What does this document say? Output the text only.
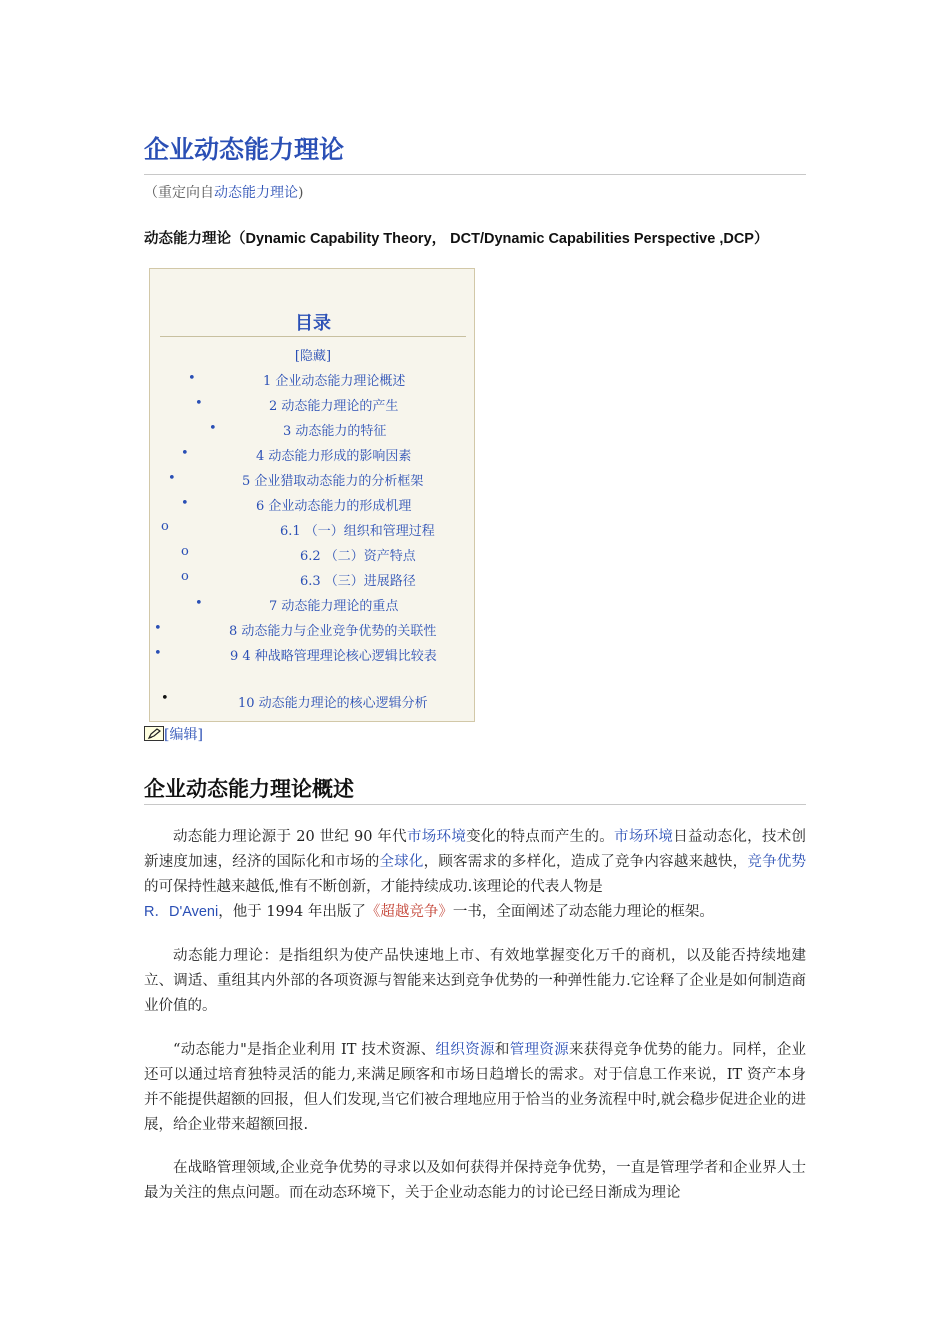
企业动态能力理论
（重定向自动态能力理论)
动态能力理论（Dynamic Capability Theory， DCT/Dynamic Capabilities Perspective ,DCP）
目录
[隐藏]
•	1 企业动态能力理论概述
•	2 动态能力理论的产生
•	3 动态能力的特征
•	4 动态能力形成的影响因素
•	5 企业猎取动态能力的分析框架
•	6 企业动态能力的形成机理
o	6.1 （一）组织和管理过程
o	6.2 （二）资产特点
o	6.3 （三）进展路径
•	7 动态能力理论的重点
•	8 动态能力与企业竞争优势的关联性
•	9 4 种战略管理理论核心逻辑比较表
•	10 动态能力理论的核心逻辑分析
[编辑]
企业动态能力理论概述

动态能力理论源于 20 世纪 90 年代市场环境变化的特点而产生的。市场环境日益动态化，技术创新速度加速，经济的国际化和市场的全球化，顾客需求的多样化，造成了竞争内容越来越快，竞争优势的可保持性越来越低,惟有不断创新，才能持续成功.该理论的代表人物是
R．D'Aveni，他于 1994 年出版了《超越竞争》一书，全面阐述了动态能力理论的框架。

动态能力理论：是指组织为使产品快速地上市、有效地掌握变化万千的商机，以及能否持续地建立、调适、重组其内外部的各项资源与智能来达到竞争优势的一种弹性能力.它诠释了企业是如何制造商业价值的。

“动态能力"是指企业利用 IT 技术资源、组织资源和管理资源来获得竞争优势的能力。同样，企业还可以通过培育独特灵活的能力,来满足顾客和市场日趋增长的需求。对于信息工作来说，IT 资产本身并不能提供超额的回报，但人们发现,当它们被合理地应用于恰当的业务流程中时,就会稳步促进企业的进展，给企业带来超额回报.

在战略管理领域,企业竞争优势的寻求以及如何获得并保持竞争优势，一直是管理学者和企业界人士最为关注的焦点问题。而在动态环境下，关于企业动态能力的讨论已经日渐成为理论
